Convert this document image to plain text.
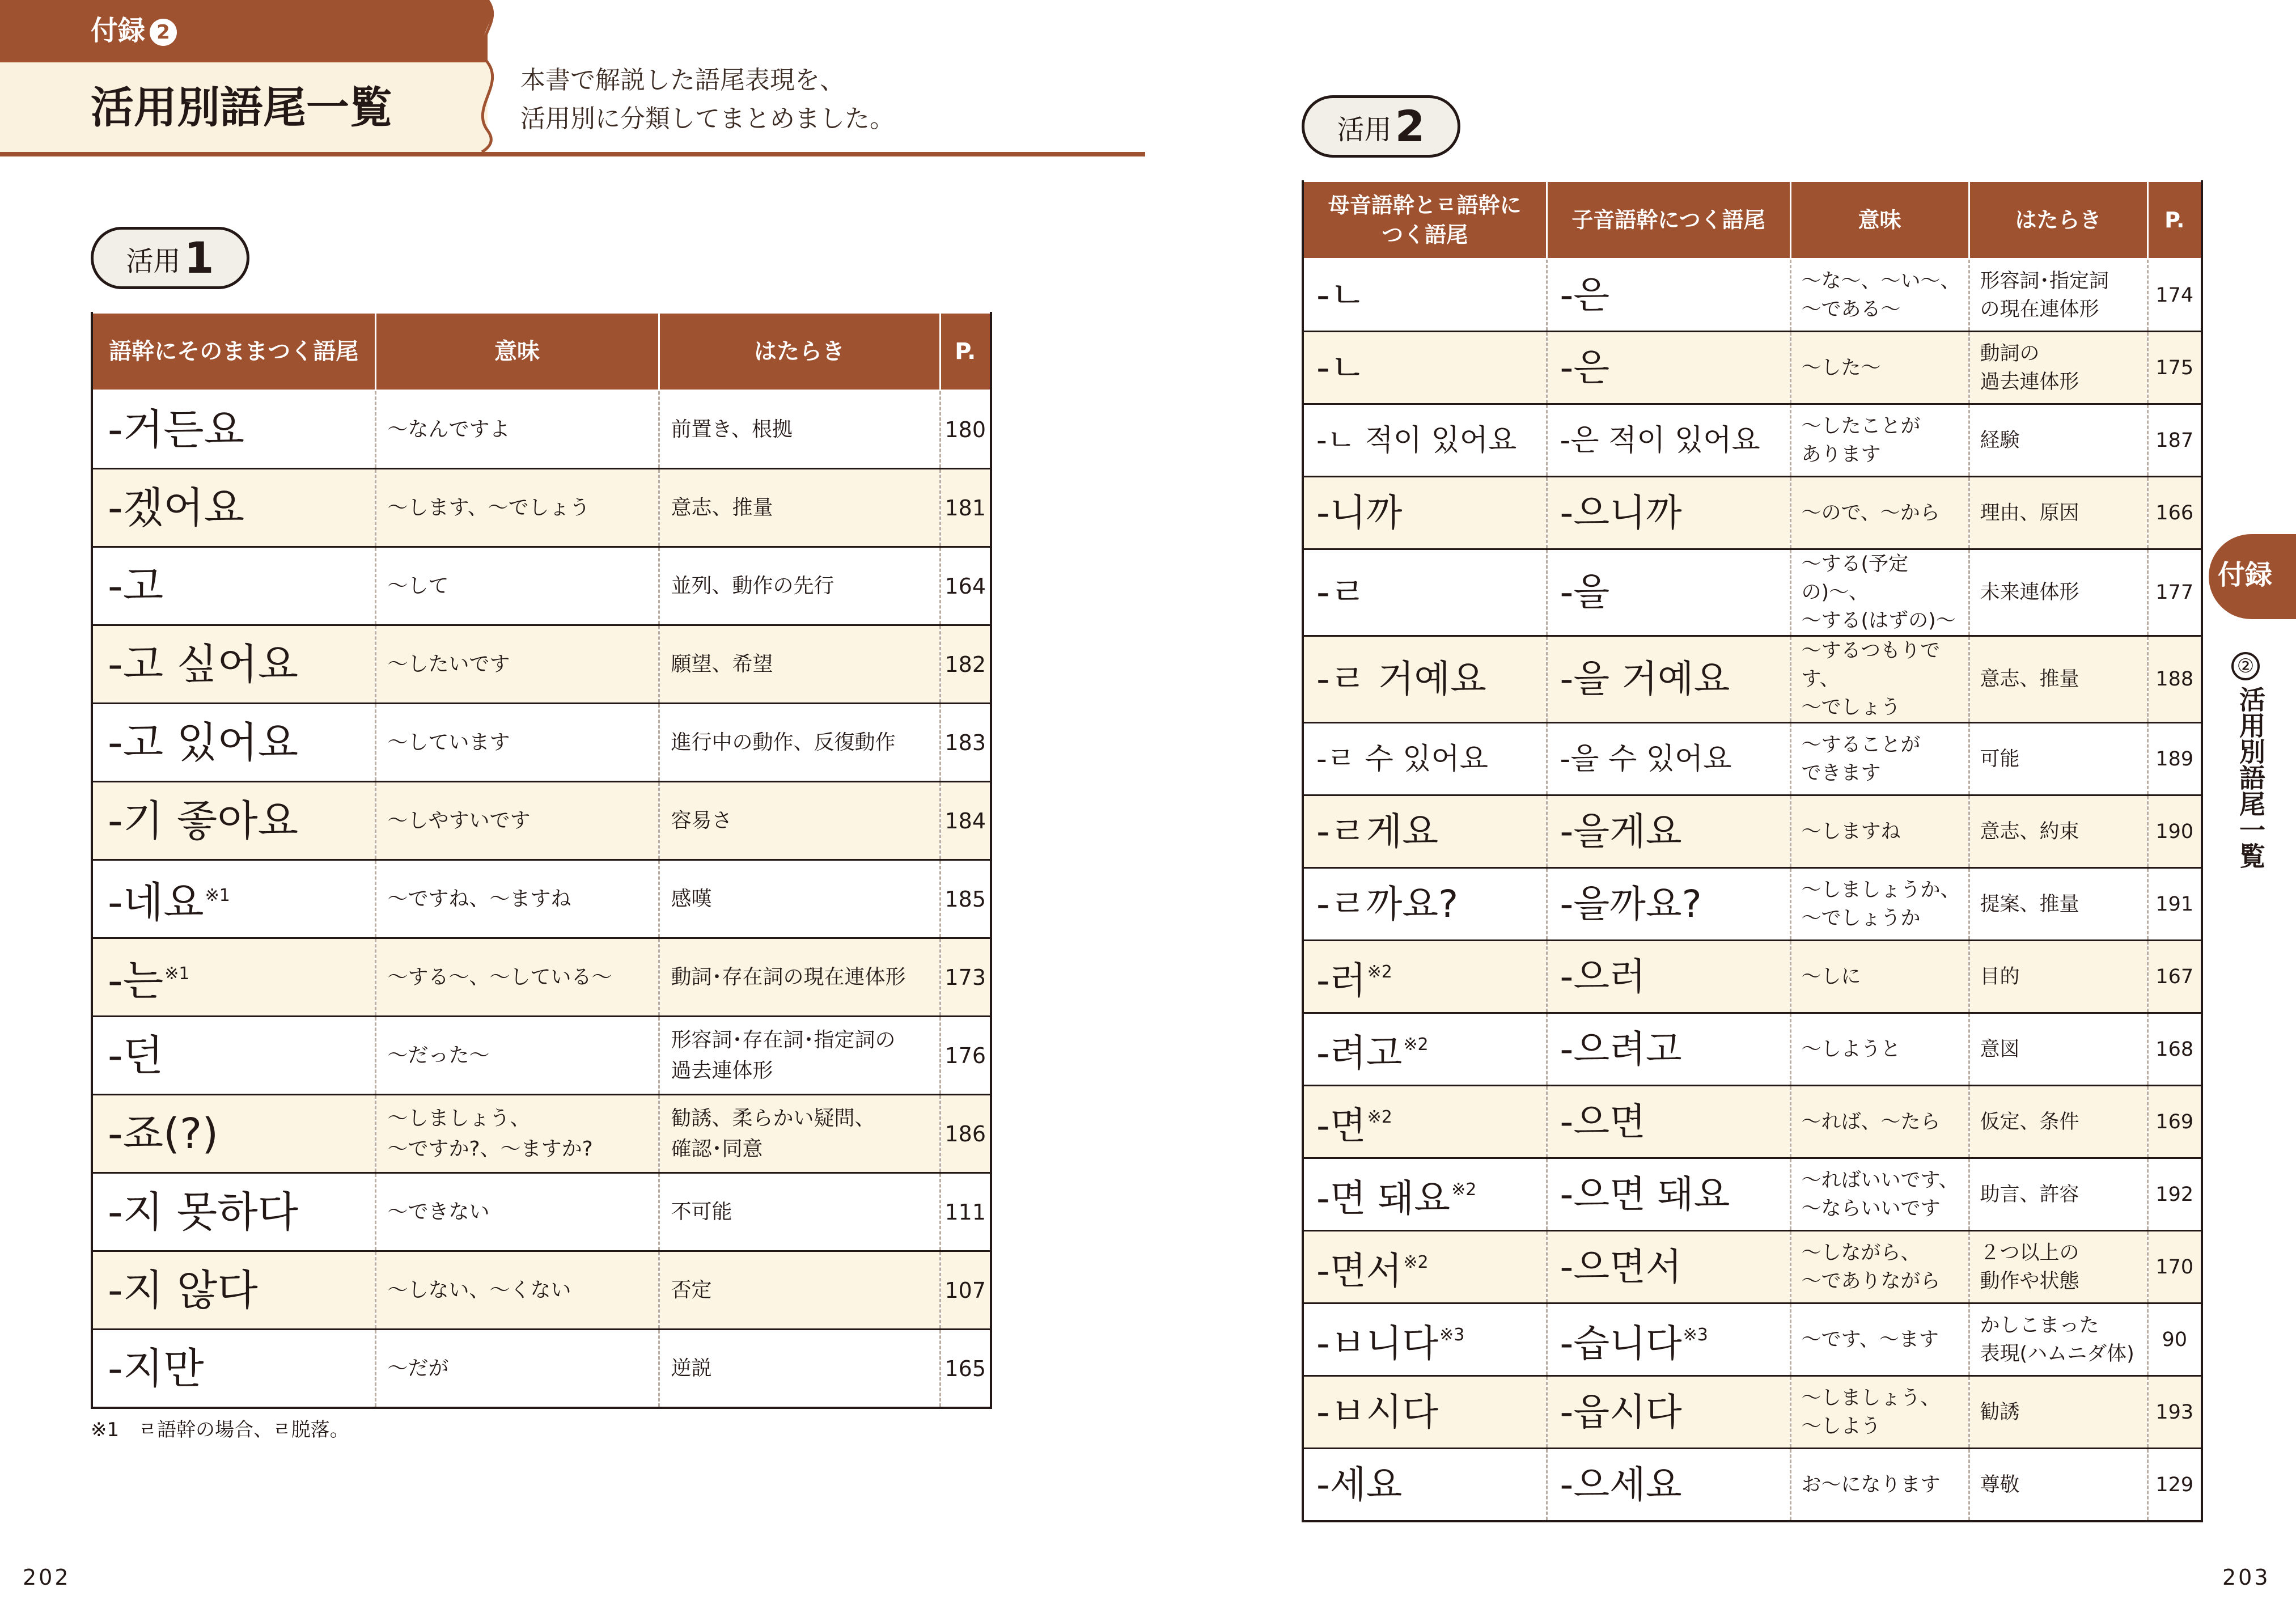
付録 2
活用別語尾一覧
本書で解説した語尾表現を、
活用別に分類してまとめました。
活用1
語幹にそのままつく語尾	意味	はたらき	P.
-거든요	〜なんですよ	前置き、根拠	180
-겠어요	〜します、〜でしょう	意志、推量	181
-고	〜して	並列、動作の先行	164
-고 싶어요	〜したいです	願望、希望	182
-고 있어요	〜しています	進行中の動作、反復動作	183
-기 좋아요	〜しやすいです	容易さ	184
-네요$^{※1}$	〜ですね、〜ますね	感嘆	185
-는$^{※1}$	〜する〜、〜している〜	動詞･存在詞の現在連体形	173
-던	〜だった〜	形容詞･存在詞･指定詞の
過去連体形	176
-죠(?)	〜しましょう、
〜ですか?、〜ますか?	勧誘、柔らかい疑問、
確認･同意	186
-지 못하다	〜できない	不可能	111
-지 않다	〜しない、〜くない	否定	107
-지만	〜だが	逆説	165
※1　ㄹ語幹の場合、ㄹ脱落。
活用2
母音語幹とㄹ語幹に
つく語尾	子音語幹につく語尾	意味	はたらき	P.
-ㄴ	-은	〜な〜、〜い〜、
〜である〜	形容詞･指定詞
の現在連体形	174
-ㄴ	-은	〜した〜	動詞の
過去連体形	175
-ㄴ 적이 있어요	-은 적이 있어요	〜したことが
あります	経験	187
-니까	-으니까	〜ので、〜から	理由、原因	166
-ㄹ	-을	〜する(予定の)〜、
〜する(はずの)〜	未来連体形	177
-ㄹ 거예요	-을 거예요	〜するつもりです、
〜でしょう	意志、推量	188
-ㄹ 수 있어요	-을 수 있어요	〜することが
できます	可能	189
-ㄹ게요	-을게요	〜しますね	意志、約束	190
-ㄹ까요?	-을까요?	〜しましょうか、
〜でしょうか	提案、推量	191
-러$^{※2}$	-으러	〜しに	目的	167
-려고$^{※2}$	-으려고	〜しようと	意図	168
-면$^{※2}$	-으면	〜れば、〜たら	仮定、条件	169
-면 돼요$^{※2}$	-으면 돼요	〜ればいいです、
〜ならいいです	助言、許容	192
-면서$^{※2}$	-으면서	〜しながら、
〜でありながら	２つ以上の
動作や状態	170
-ㅂ니다$^{※3}$	-습니다$^{※3}$	〜です、〜ます	かしこまった
表現(ハムニダ体)	90
-ㅂ시다	-읍시다	〜しましょう、
〜しよう	勧誘	193
-세요	-으세요	お〜になります	尊敬	129
付録
②
活用別語尾一覧
202	203
